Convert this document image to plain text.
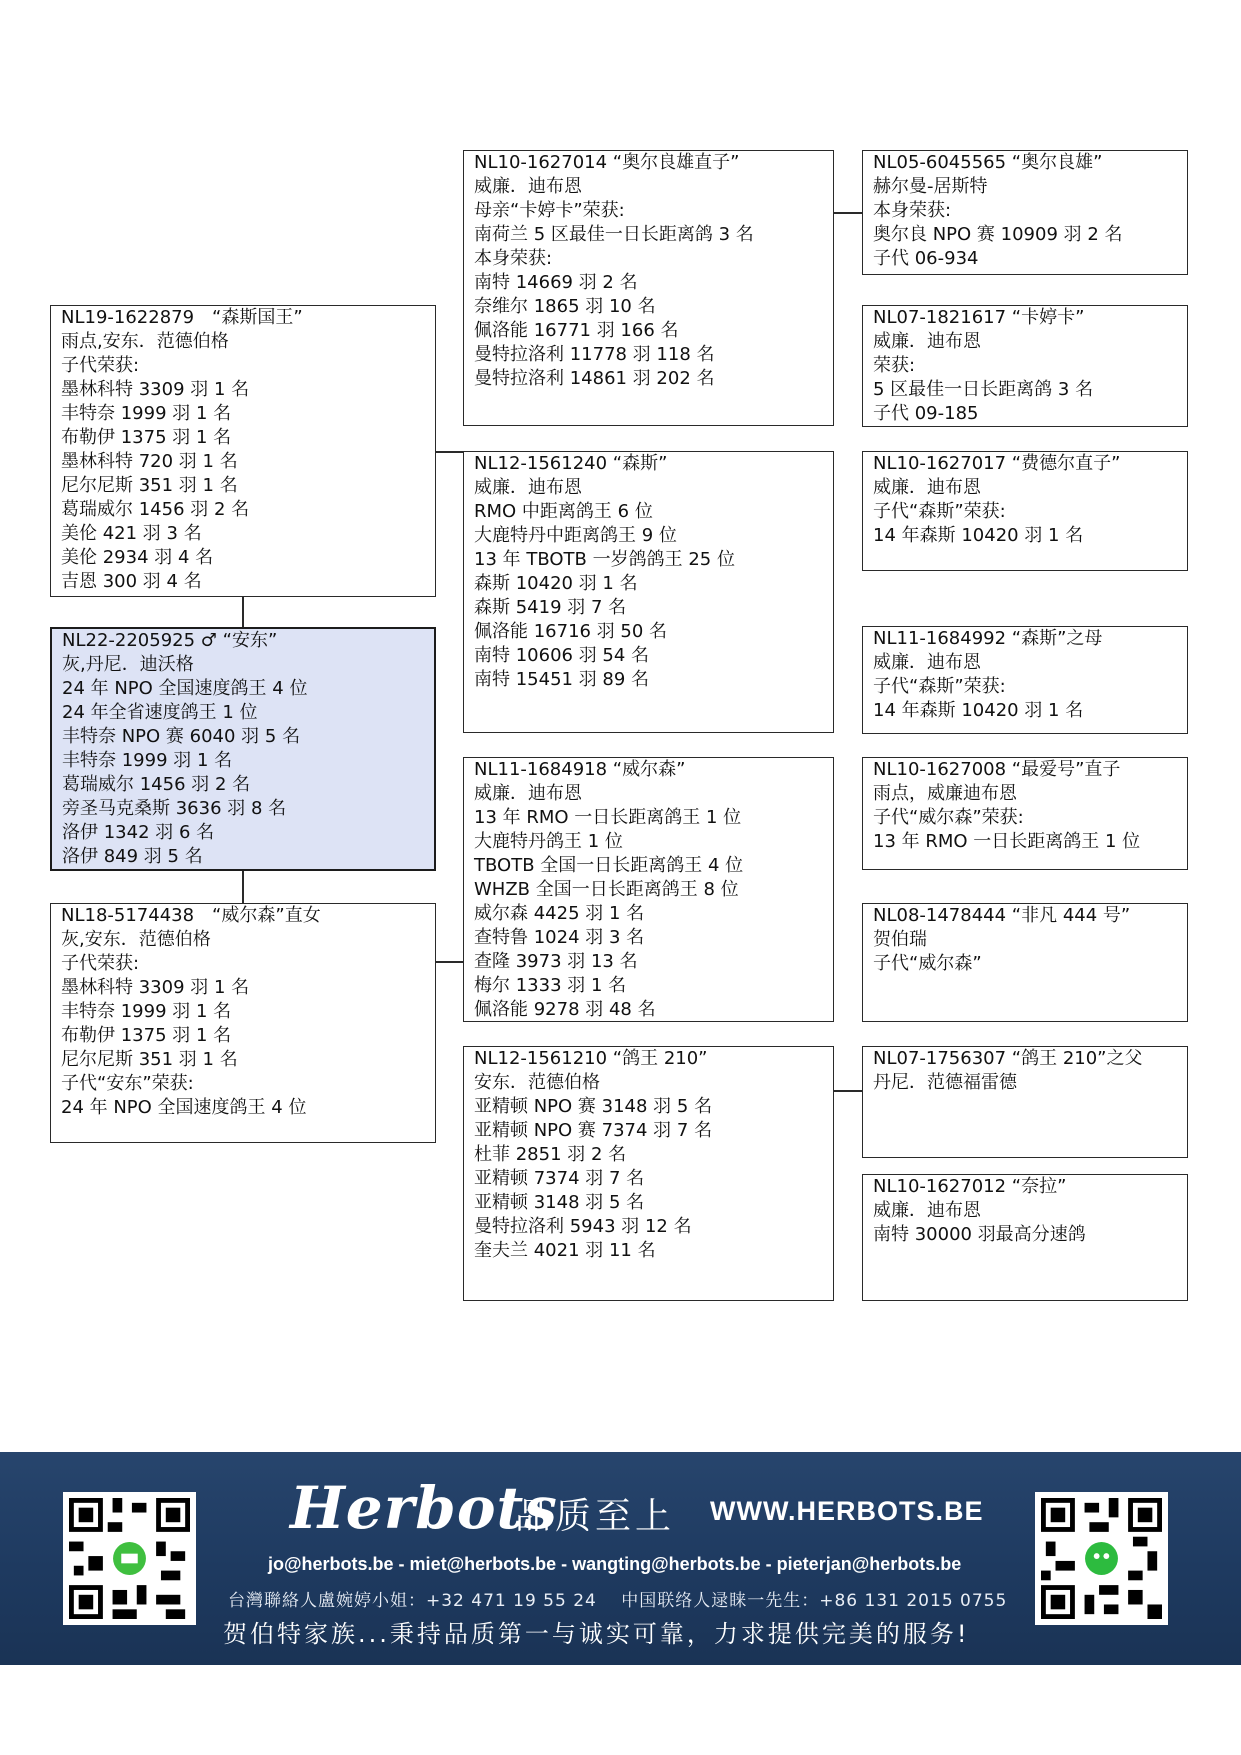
NL19-1622879　“森斯国王”
雨点,安东．范德伯格
子代荣获:
墨林科特 3309 羽 1 名
丰特奈 1999 羽 1 名
布勒伊 1375 羽 1 名
墨林科特 720 羽 1 名
尼尔尼斯 351 羽 1 名
葛瑞威尔 1456 羽 2 名
美伦 421 羽 3 名
美伦 2934 羽 4 名
吉恩 300 羽 4 名
NL22-2205925 ♂ “安东”
灰,丹尼．迪沃格
24 年 NPO 全国速度鸽王 4 位
24 年全省速度鸽王 1 位
丰特奈 NPO 赛 6040 羽 5 名
丰特奈 1999 羽 1 名
葛瑞威尔 1456 羽 2 名
旁圣马克桑斯 3636 羽 8 名
洛伊 1342 羽 6 名
洛伊 849 羽 5 名
NL18-5174438　“威尔森”直女
灰,安东．范德伯格
子代荣获:
墨林科特 3309 羽 1 名
丰特奈 1999 羽 1 名
布勒伊 1375 羽 1 名
尼尔尼斯 351 羽 1 名
子代“安东”荣获:
24 年 NPO 全国速度鸽王 4 位
NL10-1627014 “奥尔良雄直子”
威廉．迪布恩
母亲“卡婷卡”荣获:
南荷兰 5 区最佳一日长距离鸽 3 名
本身荣获:
南特 14669 羽 2 名
奈维尔 1865 羽 10 名
佩洛能 16771 羽 166 名
曼特拉洛利 11778 羽 118 名
曼特拉洛利 14861 羽 202 名
NL12-1561240 “森斯”
威廉．迪布恩
RMO 中距离鸽王 6 位
大鹿特丹中距离鸽王 9 位
13 年 TBOTB 一岁鸽鸽王 25 位
森斯 10420 羽 1 名
森斯 5419 羽 7 名
佩洛能 16716 羽 50 名
南特 10606 羽 54 名
南特 15451 羽 89 名
NL11-1684918 “威尔森”
威廉．迪布恩
13 年 RMO 一日长距离鸽王 1 位
大鹿特丹鸽王 1 位
TBOTB 全国一日长距离鸽王 4 位
WHZB 全国一日长距离鸽王 8 位
威尔森 4425 羽 1 名
查特鲁 1024 羽 3 名
查隆 3973 羽 13 名
梅尔 1333 羽 1 名
佩洛能 9278 羽 48 名
NL12-1561210 “鸽王 210”
安东．范德伯格
亚精顿 NPO 赛 3148 羽 5 名
亚精顿 NPO 赛 7374 羽 7 名
杜菲 2851 羽 2 名
亚精顿 7374 羽 7 名
亚精顿 3148 羽 5 名
曼特拉洛利 5943 羽 12 名
奎夫兰 4021 羽 11 名
NL05-6045565 “奥尔良雄”
赫尔曼-居斯特
本身荣获:
奥尔良 NPO 赛 10909 羽 2 名
子代 06-934
NL07-1821617 “卡婷卡”
威廉．迪布恩
荣获:
5 区最佳一日长距离鸽 3 名
子代 09-185
NL10-1627017 “费德尔直子”
威廉．迪布恩
子代“森斯”荣获:
14 年森斯 10420 羽 1 名
NL11-1684992 “森斯”之母
威廉．迪布恩
子代“森斯”荣获:
14 年森斯 10420 羽 1 名
NL10-1627008 “最爱号”直子
雨点，威廉迪布恩
子代“威尔森”荣获:
13 年 RMO 一日长距离鸽王 1 位
NL08-1478444 “非凡 444 号”
贺伯瑞
子代“威尔森”
NL07-1756307 “鸽王 210”之父
丹尼．范德福雷德
NL10-1627012 “奈拉”
威廉．迪布恩
南特 30000 羽最高分速鸽
Herbots
品质至上 WWW.HERBOTS.BE
jo@herbots.be - miet@herbots.be - wangting@herbots.be - pieterjan@herbots.be
台灣聯絡人盧婉婷小姐：+32 471 19 55 24　 中国联络人逯睐一先生：+86 131 2015 0755
贺伯特家族...秉持品质第一与诚实可靠，力求提供完美的服务!
